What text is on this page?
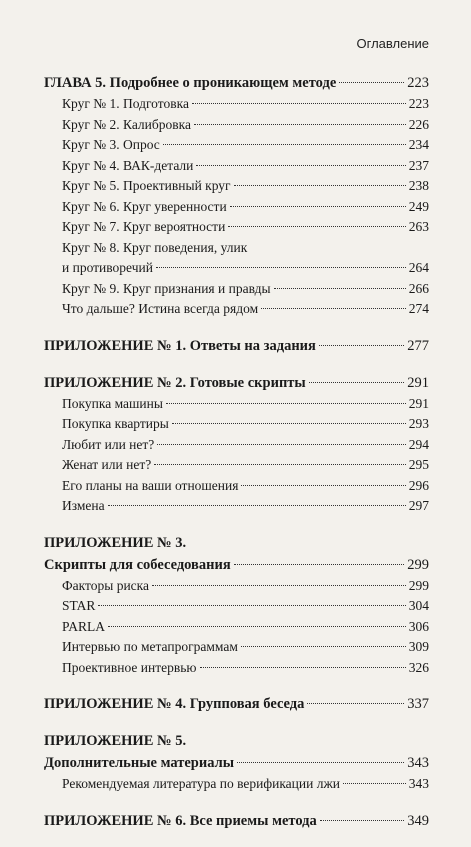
Оглавление
ГЛАВА 5. Подробнее о проникающем методе	223
Круг № 1. Подготовка	223
Круг № 2. Калибровка	226
Круг № 3. Опрос	234
Круг № 4. ВАК-детали	237
Круг № 5. Проективный круг	238
Круг № 6. Круг уверенности	249
Круг № 7. Круг вероятности	263
Круг № 8. Круг поведения, улик
и противоречий	264
Круг № 9. Круг признания и правды	266
Что дальше? Истина всегда рядом	274
ПРИЛОЖЕНИЕ № 1. Ответы на задания	277
ПРИЛОЖЕНИЕ № 2. Готовые скрипты	291
Покупка машины	291
Покупка квартиры	293
Любит или нет?	294
Женат или нет?	295
Его планы на ваши отношения	296
Измена	297
ПРИЛОЖЕНИЕ № 3.
Скрипты для собеседования	299
Факторы риска	299
STAR	304
PARLA	306
Интервью по метапрограммам	309
Проективное интервью	326
ПРИЛОЖЕНИЕ № 4. Групповая беседа	337
ПРИЛОЖЕНИЕ № 5.
Дополнительные материалы	343
Рекомендуемая литература по верификации лжи	343
ПРИЛОЖЕНИЕ № 6. Все приемы метода	349
